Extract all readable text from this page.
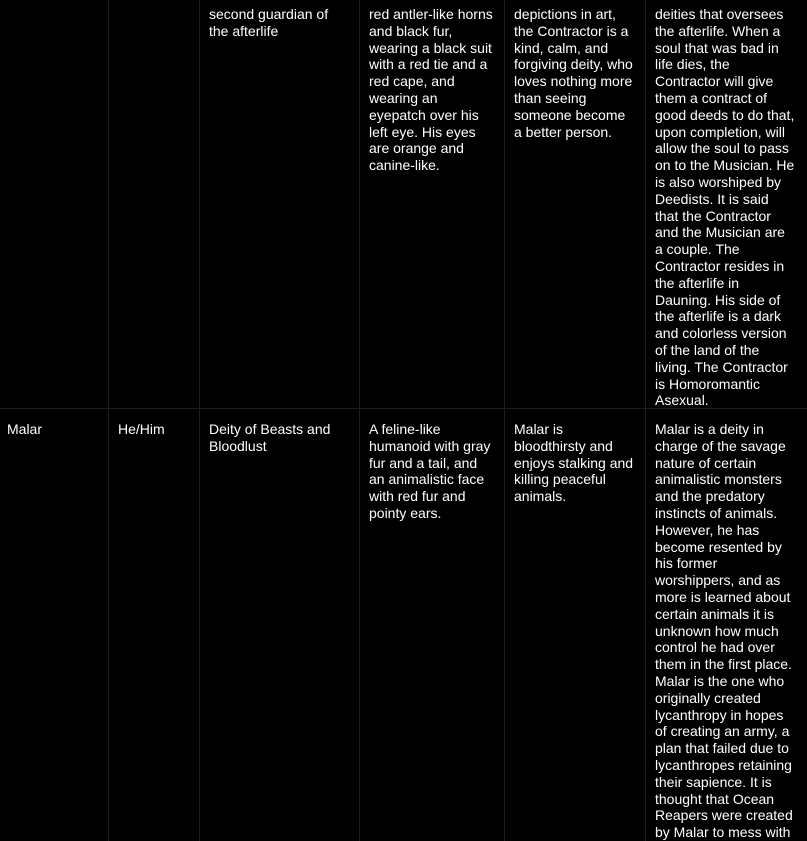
second guardian of
the afterlife
red antler-like horns
and black fur,
wearing a black suit
with a red tie and a
red cape, and
wearing an
eyepatch over his
left eye. His eyes
are orange and
canine-like.
depictions in art,
the Contractor is a
kind, calm, and
forgiving deity, who
loves nothing more
than seeing
someone become
a better person.
deities that oversees
the afterlife. When a
soul that was bad in
life dies, the
Contractor will give
them a contract of
good deeds to do that,
upon completion, will
allow the soul to pass
on to the Musician. He
is also worshiped by
Deedists. It is said
that the Contractor
and the Musician are
a couple. The
Contractor resides in
the afterlife in
Dauning. His side of
the afterlife is a dark
and colorless version
of the land of the
living. The Contractor
is Homoromantic
Asexual.
Malar	He/Him	Deity of Beasts and
Bloodlust
A feline-like
humanoid with gray
fur and a tail, and
an animalistic face
with red fur and
pointy ears.
Malar is
bloodthirsty and
enjoys stalking and
killing peaceful
animals.
Malar is a deity in
charge of the savage
nature of certain
animalistic monsters
and the predatory
instincts of animals.
However, he has
become resented by
his former
worshippers, and as
more is learned about
certain animals it is
unknown how much
control he had over
them in the first place.
Malar is the one who
originally created
lycanthropy in hopes
of creating an army, a
plan that failed due to
lycanthropes retaining
their sapience. It is
thought that Ocean
Reapers were created
by Malar to mess with
